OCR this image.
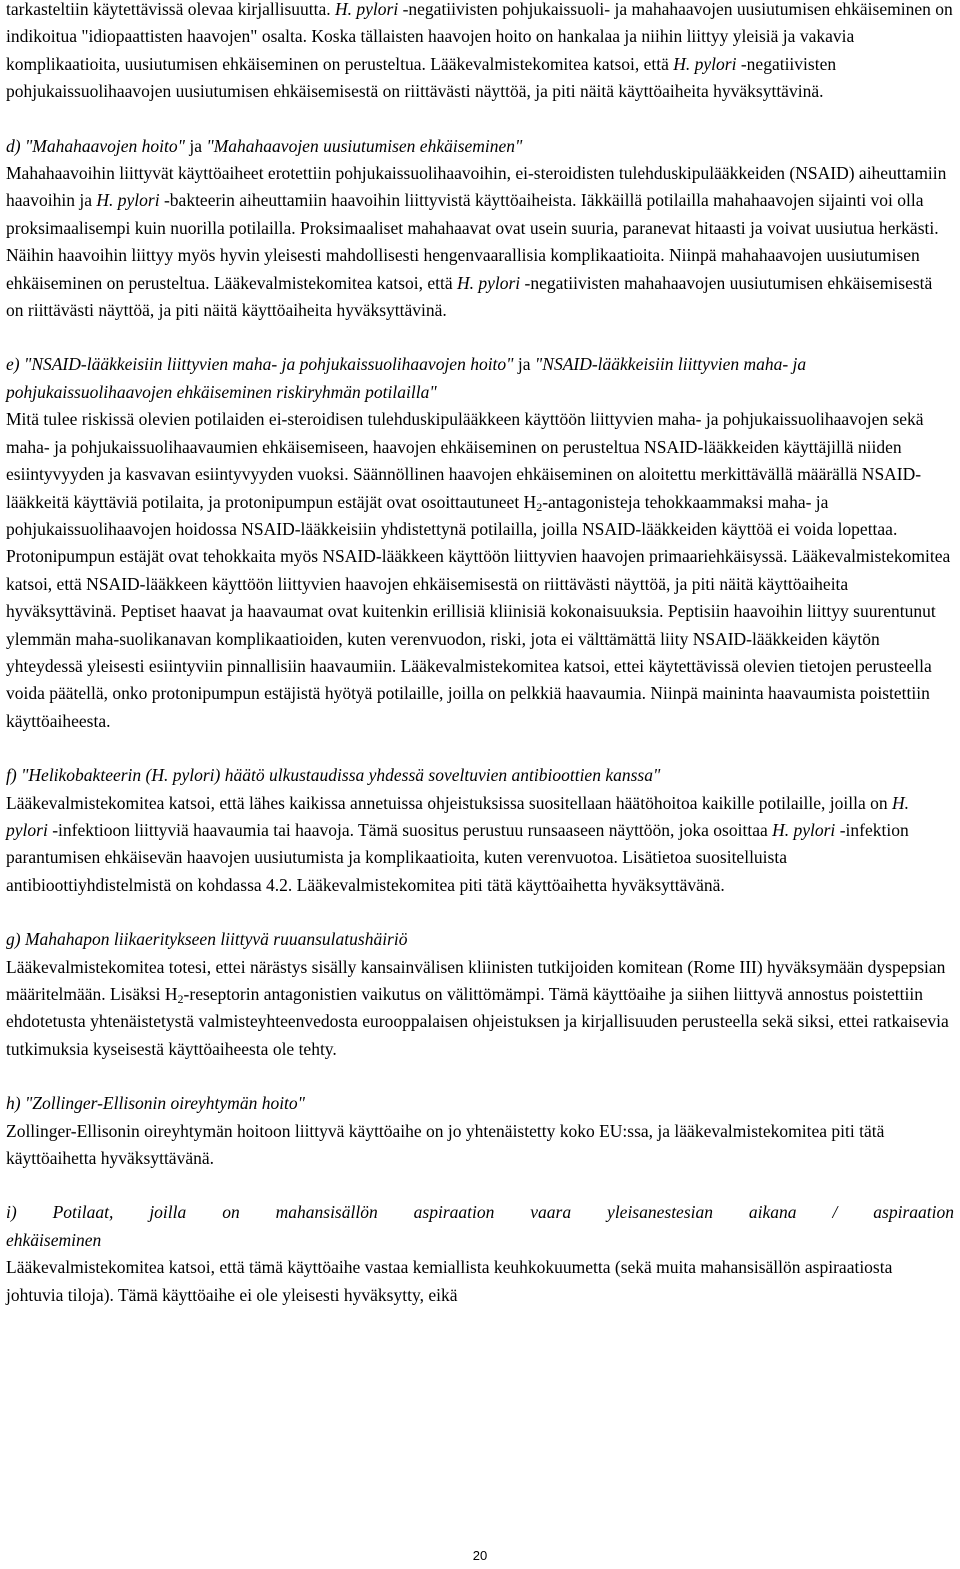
tarkasteltiin käytettävissä olevaa kirjallisuutta. H. pylori -negatiivisten pohjukaissuoli- ja mahahaavojen uusiutumisen ehkäiseminen on indikoitua "idiopaattisten haavojen" osalta. Koska tällaisten haavojen hoito on hankalaa ja niihin liittyy yleisiä ja vakavia komplikaatioita, uusiutumisen ehkäiseminen on perusteltua. Lääkevalmistekomitea katsoi, että H. pylori -negatiivisten pohjukaissuolihaavojen uusiutumisen ehkäisemisestä on riittävästi näyttöä, ja piti näitä käyttöaiheita hyväksyttävinä.

d) "Mahahaavojen hoito" ja "Mahahaavojen uusiutumisen ehkäiseminen"

Mahahaavoihin liittyvät käyttöaiheet erotettiin pohjukaissuolihaavoihin, ei-steroidisten tulehduskipulääkkeiden (NSAID) aiheuttamiin haavoihin ja H. pylori -bakteerin aiheuttamiin haavoihin liittyvistä käyttöaiheista. Iäkkäillä potilailla mahahaavojen sijainti voi olla proksimaalisempi kuin nuorilla potilailla. Proksimaaliset mahahaavat ovat usein suuria, paranevat hitaasti ja voivat uusiutua herkästi. Näihin haavoihin liittyy myös hyvin yleisesti mahdollisesti hengenvaarallisia komplikaatioita. Niinpä mahahaavojen uusiutumisen ehkäiseminen on perusteltua. Lääkevalmistekomitea katsoi, että H. pylori -negatiivisten mahahaavojen uusiutumisen ehkäisemisestä on riittävästi näyttöä, ja piti näitä käyttöaiheita hyväksyttävinä.

e) "NSAID-lääkkeisiin liittyvien maha- ja pohjukaissuolihaavojen hoito" ja "NSAID-lääkkeisiin liittyvien maha- ja pohjukaissuolihaavojen ehkäiseminen riskiryhmän potilailla"

Mitä tulee riskissä olevien potilaiden ei-steroidisen tulehduskipulääkkeen käyttöön liittyvien maha- ja pohjukaissuolihaavojen sekä maha- ja pohjukaissuolihaavaumien ehkäisemiseen, haavojen ehkäiseminen on perusteltua NSAID-lääkkeiden käyttäjillä niiden esiintyvyyden ja kasvavan esiintyvyyden vuoksi. Säännöllinen haavojen ehkäiseminen on aloitettu merkittävällä määrällä NSAID-lääkkeitä käyttäviä potilaita, ja protonipumpun estäjät ovat osoittautuneet $H_2$-antagonisteja tehokkaammaksi maha- ja pohjukaissuolihaavojen hoidossa NSAID-lääkkeisiin yhdistettynä potilailla, joilla NSAID-lääkkeiden käyttöä ei voida lopettaa. Protonipumpun estäjät ovat tehokkaita myös NSAID-lääkkeen käyttöön liittyvien haavojen primaariehkäisyssä. Lääkevalmistekomitea katsoi, että NSAID-lääkkeen käyttöön liittyvien haavojen ehkäisemisestä on riittävästi näyttöä, ja piti näitä käyttöaiheita hyväksyttävinä. Peptiset haavat ja haavaumat ovat kuitenkin erillisiä kliinisiä kokonaisuuksia. Peptisiin haavoihin liittyy suurentunut ylemmän maha-suolikanavan komplikaatioiden, kuten verenvuodon, riski, jota ei välttämättä liity NSAID-lääkkeiden käytön yhteydessä yleisesti esiintyviin pinnallisiin haavaumiin. Lääkevalmistekomitea katsoi, ettei käytettävissä olevien tietojen perusteella voida päätellä, onko protonipumpun estäjistä hyötyä potilaille, joilla on pelkkiä haavaumia. Niinpä maininta haavaumista poistettiin käyttöaiheesta.

f) "Helikobakteerin (H. pylori) häätö ulkustaudissa yhdessä soveltuvien antibioottien kanssa"

Lääkevalmistekomitea katsoi, että lähes kaikissa annetuissa ohjeistuksissa suositellaan häätöhoitoa kaikille potilaille, joilla on H. pylori -infektioon liittyviä haavaumia tai haavoja. Tämä suositus perustuu runsaaseen näyttöön, joka osoittaa H. pylori -infektion parantumisen ehkäisevän haavojen uusiutumista ja komplikaatioita, kuten verenvuotoa. Lisätietoa suositelluista antibioottiyhdistelmistä on kohdassa 4.2. Lääkevalmistekomitea piti tätä käyttöaihetta hyväksyttävänä.

g) Mahahapon liikaeritykseen liittyvä ruuansulatushäiriö

Lääkevalmistekomitea totesi, ettei närästys sisälly kansainvälisen kliinisten tutkijoiden komitean (Rome III) hyväksymään dyspepsian määritelmään. Lisäksi $H_2$-reseptorin antagonistien vaikutus on välittömämpi. Tämä käyttöaihe ja siihen liittyvä annostus poistettiin ehdotetusta yhtenäistetystä valmisteyhteenvedosta eurooppalaisen ohjeistuksen ja kirjallisuuden perusteella sekä siksi, ettei ratkaisevia tutkimuksia kyseisestä käyttöaiheesta ole tehty.

h) "Zollinger-Ellisonin oireyhtymän hoito"

Zollinger-Ellisonin oireyhtymän hoitoon liittyvä käyttöaihe on jo yhtenäistetty koko EU:ssa, ja lääkevalmistekomitea piti tätä käyttöaihetta hyväksyttävänä.

i) Potilaat, joilla on mahansisällön aspiraation vaara yleisanestesian aikana / aspiraation

ehkäiseminen

Lääkevalmistekomitea katsoi, että tämä käyttöaihe vastaa kemiallista keuhkokuumetta (sekä muita mahansisällön aspiraatiosta johtuvia tiloja). Tämä käyttöaihe ei ole yleisesti hyväksytty, eikä

20
